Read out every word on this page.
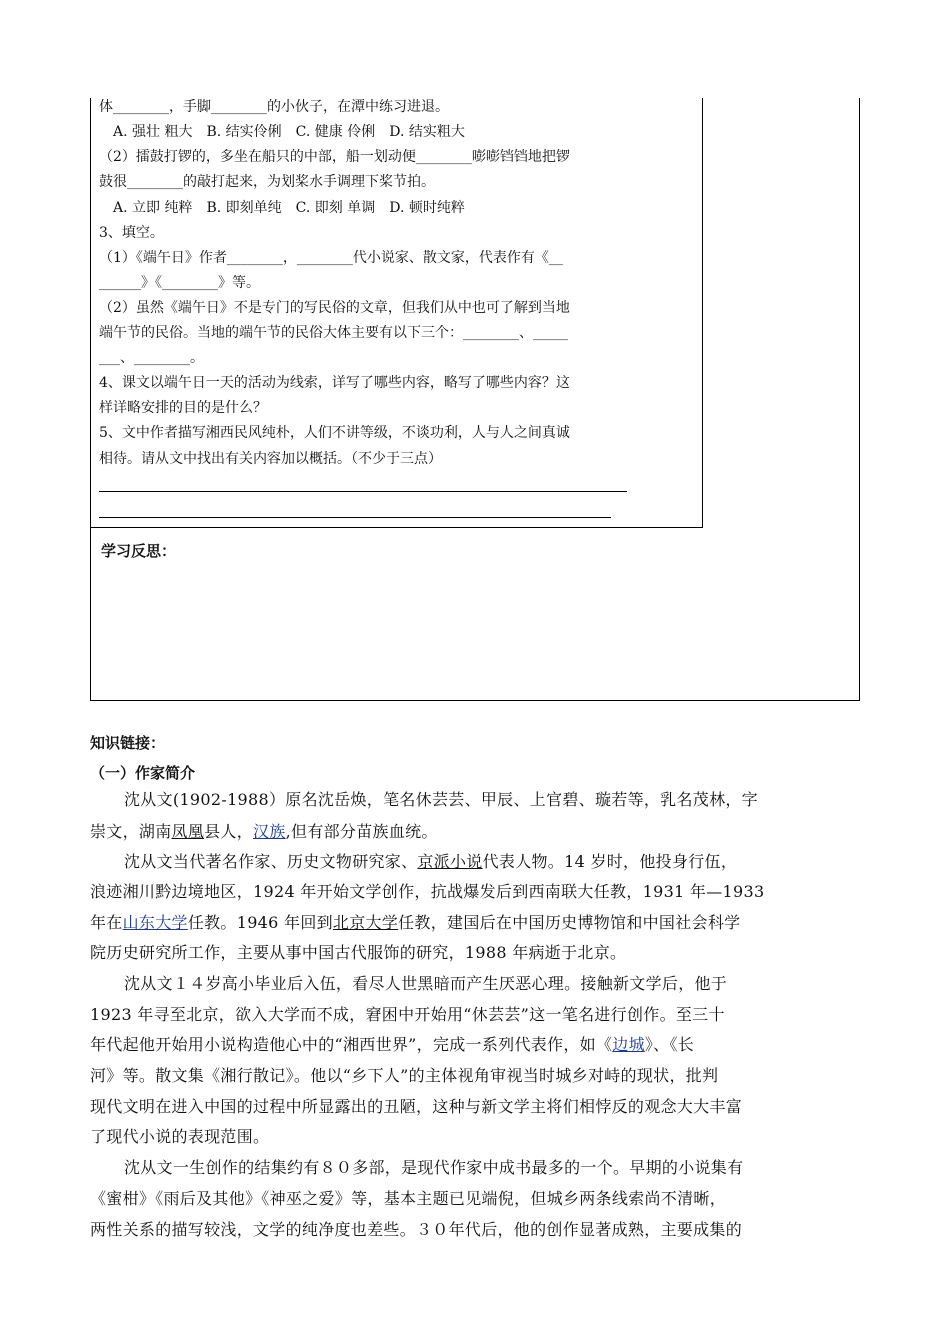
体________，手脚________的小伙子，在潭中练习进退。
　A. 强壮 粗大　B. 结实伶俐　C. 健康 伶俐　D. 结实粗大
（2）擂鼓打锣的，多坐在船只的中部，船一划动便________嘭嘭铛铛地把锣
鼓很________的敲打起来，为划桨水手调理下桨节拍。
　A. 立即 纯粹　B. 即刻单纯　C. 即刻 单调　D. 顿时纯粹
3、填空。
（1）《端午日》作者________，________代小说家、散文家，代表作有《__
______》《________》等。
（2）虽然《端午日》不是专门的写民俗的文章，但我们从中也可了解到当地
端午节的民俗。当地的端午节的民俗大体主要有以下三个：________、_____
___、________。
4、课文以端午日一天的活动为线索，详写了哪些内容，略写了哪些内容？这
样详略安排的目的是什么？
5、文中作者描写湘西民风纯朴，人们不讲等级，不谈功利，人与人之间真诚
相待。请从文中找出有关内容加以概括。（不少于三点）
学习反思：
知识链接：
（一）作家简介
沈从文(1902-1988）原名沈岳焕，笔名休芸芸、甲辰、上官碧、璇若等，乳名茂林，字
崇文，湖南凤凰县人，汉族,但有部分苗族血统。
沈从文当代著名作家、历史文物研究家、京派小说代表人物。14 岁时，他投身行伍，
浪迹湘川黔边境地区，1924 年开始文学创作，抗战爆发后到西南联大任教，1931 年—1933
年在山东大学任教。1946 年回到北京大学任教，建国后在中国历史博物馆和中国社会科学
院历史研究所工作，主要从事中国古代服饰的研究，1988 年病逝于北京。
沈从文１４岁高小毕业后入伍，看尽人世黑暗而产生厌恶心理。接触新文学后，他于
1923 年寻至北京，欲入大学而不成，窘困中开始用“休芸芸”这一笔名进行创作。至三十
年代起他开始用小说构造他心中的“湘西世界”，完成一系列代表作，如《边城》、《长
河》等。散文集《湘行散记》。他以“乡下人”的主体视角审视当时城乡对峙的现状，批判
现代文明在进入中国的过程中所显露出的丑陋，这种与新文学主将们相悖反的观念大大丰富
了现代小说的表现范围。
沈从文一生创作的结集约有８０多部，是现代作家中成书最多的一个。早期的小说集有
《蜜柑》《雨后及其他》《神巫之爱》等，基本主题已见端倪，但城乡两条线索尚不清晰，
两性关系的描写较浅，文学的纯净度也差些。３０年代后，他的创作显著成熟，主要成集的
